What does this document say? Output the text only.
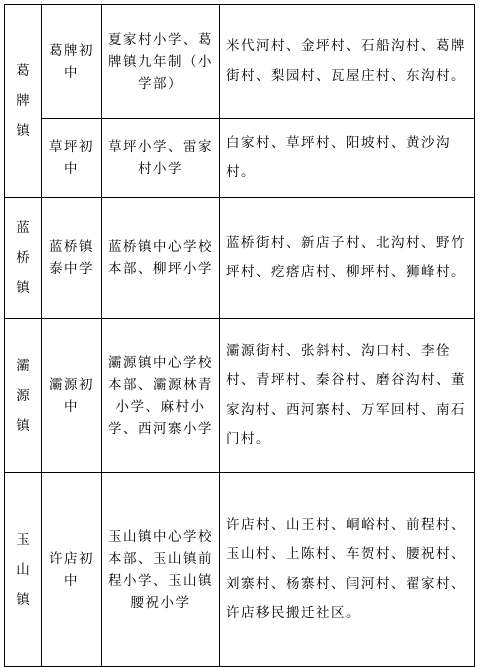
葛牌镇	葛牌初中	夏家村小学、葛牌镇九年制（小学部）	米代河村、金坪村、石船沟村、葛牌街村、梨园村、瓦屋庄村、东沟村。
	草坪初中	草坪小学、雷家村小学	白家村、草坪村、阳坡村、黄沙沟村。

蓝桥镇	蓝桥镇泰中学	蓝桥镇中心学校本部、柳坪小学	蓝桥街村、新店子村、北沟村、野竹坪村、疙瘩店村、柳坪村、狮峰村。

灞源镇	灞源初中	灞源镇中心学校本部、灞源林青小学、麻村小学、西河寨小学	灞源街村、张斜村、沟口村、李佺村、青坪村、秦谷村、磨谷沟村、董家沟村、西河寨村、万军回村、南石门村。

玉山镇	许店初中	玉山镇中心学校本部、玉山镇前程小学、玉山镇腰祝小学	许店村、山王村、峒峪村、前程村、玉山村、上陈村、车贺村、腰祝村、刘寨村、杨寨村、闫河村、翟家村、许店移民搬迁社区。
